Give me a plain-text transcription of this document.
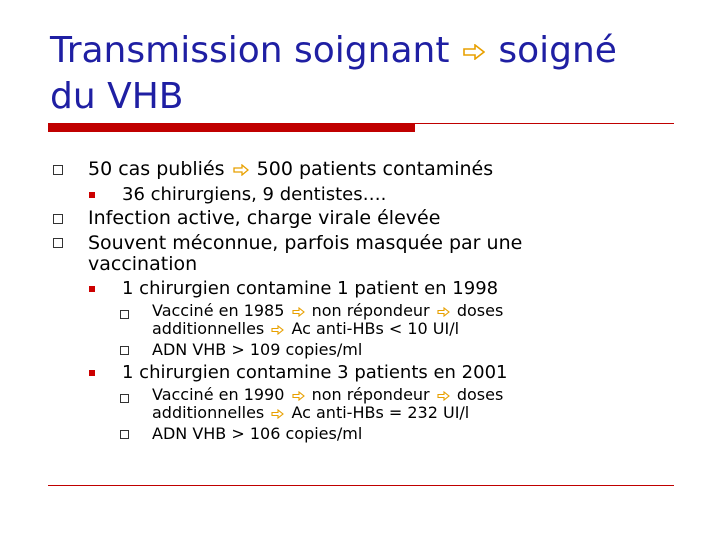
Transmission soignant soigné
du VHB
50 cas publiés 500 patients contaminés
36 chirurgiens, 9 dentistes….
Infection active, charge virale élevée
Souvent méconnue, parfois masquée par une
vaccination
1 chirurgien contamine 1 patient en 1998
Vacciné en 1985 non répondeur doses
additionnelles Ac anti-HBs < 10 UI/l
ADN VHB > 109 copies/ml
1 chirurgien contamine 3 patients en 2001
Vacciné en 1990 non répondeur doses
additionnelles Ac anti-HBs = 232 UI/l
ADN VHB > 106 copies/ml
